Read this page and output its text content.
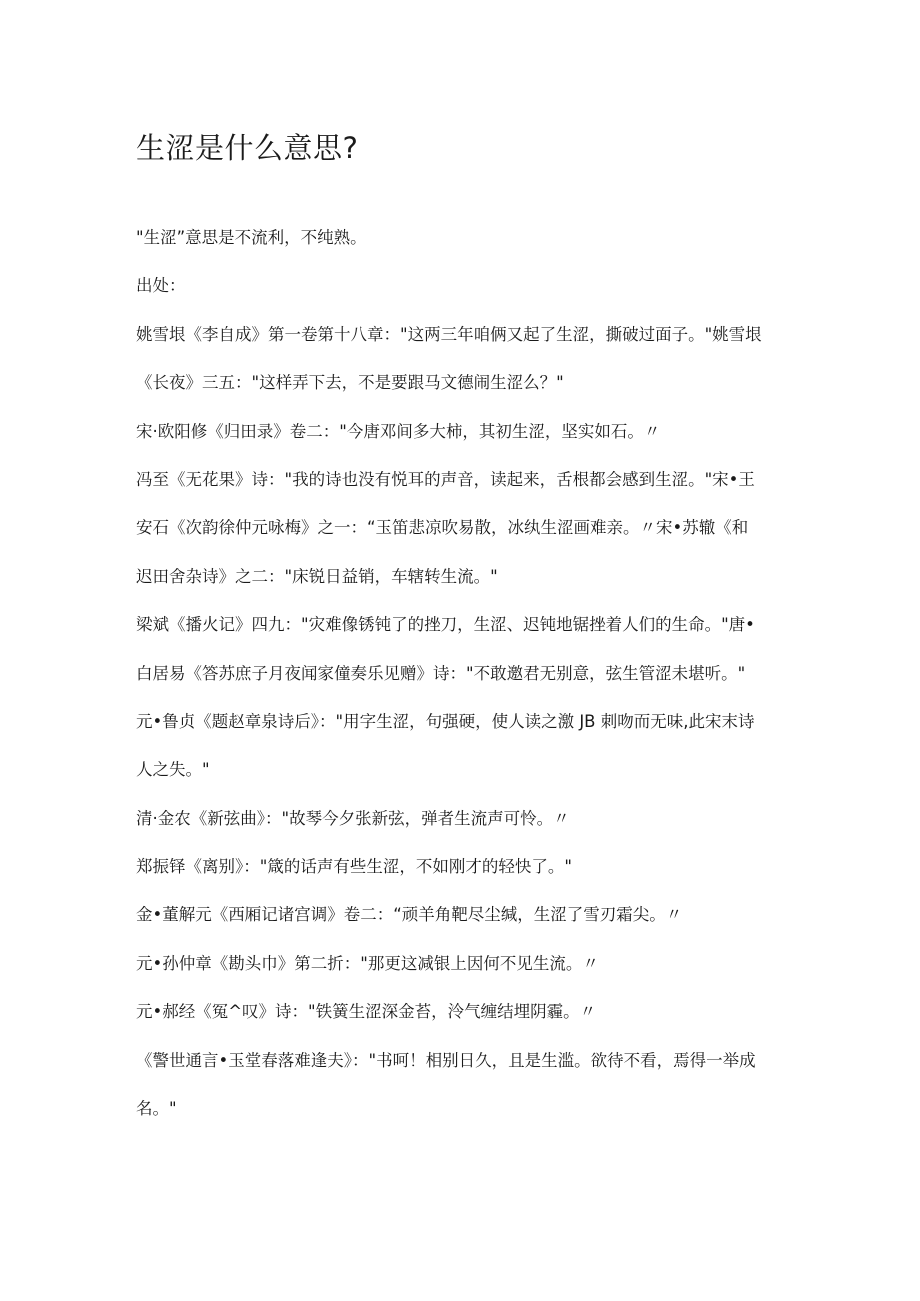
生涩是什么意思?
"生涩”意思是不流利，不纯熟。
出处：
姚雪垠《李自成》第一卷第十八章："这两三年咱俩又起了生涩，撕破过面子。"姚雪垠
《长夜》三五："这样弄下去，不是要跟马文德闹生涩么？"
宋·欧阳修《归田录》卷二："今唐邓间多大柿，其初生涩，坚实如石。〃
冯至《无花果》诗："我的诗也没有悦耳的声音，读起来，舌根都会感到生涩。"宋•王
安石《次韵徐仲元咏梅》之一：“玉笛悲凉吹易散，冰纨生涩画难亲。〃宋•苏辙《和
迟田舍杂诗》之二："床锐日益销，车辖转生流。"
梁斌《播火记》四九："灾难像锈钝了的挫刀，生涩、迟钝地锯挫着人们的生命。"唐•
白居易《答苏庶子月夜闻家僮奏乐见赠》诗："不敢邀君无别意，弦生管涩未堪听。"
元•鲁贞《题赵章泉诗后》："用字生涩，句强硬，使人读之激 JB 刺吻而无味,此宋末诗
人之失。"
清·金农《新弦曲》："故琴今夕张新弦，弹者生流声可怜。〃
郑振铎《离别》："箴的话声有些生涩，不如刚才的轻快了。"
金•董解元《西厢记诸宫调》卷二：“顽羊角靶尽尘缄，生涩了雪刃霜尖。〃
元•孙仲章《勘头巾》第二折："那更这减银上因何不见生流。〃
元•郝经《冤^叹》诗："铁簧生涩深金苔，泠气缠结埋阴霾。〃
《警世通言•玉堂春落难逢夫》："书呵！相别日久，且是生滥。欲待不看，焉得一举成
名。"
